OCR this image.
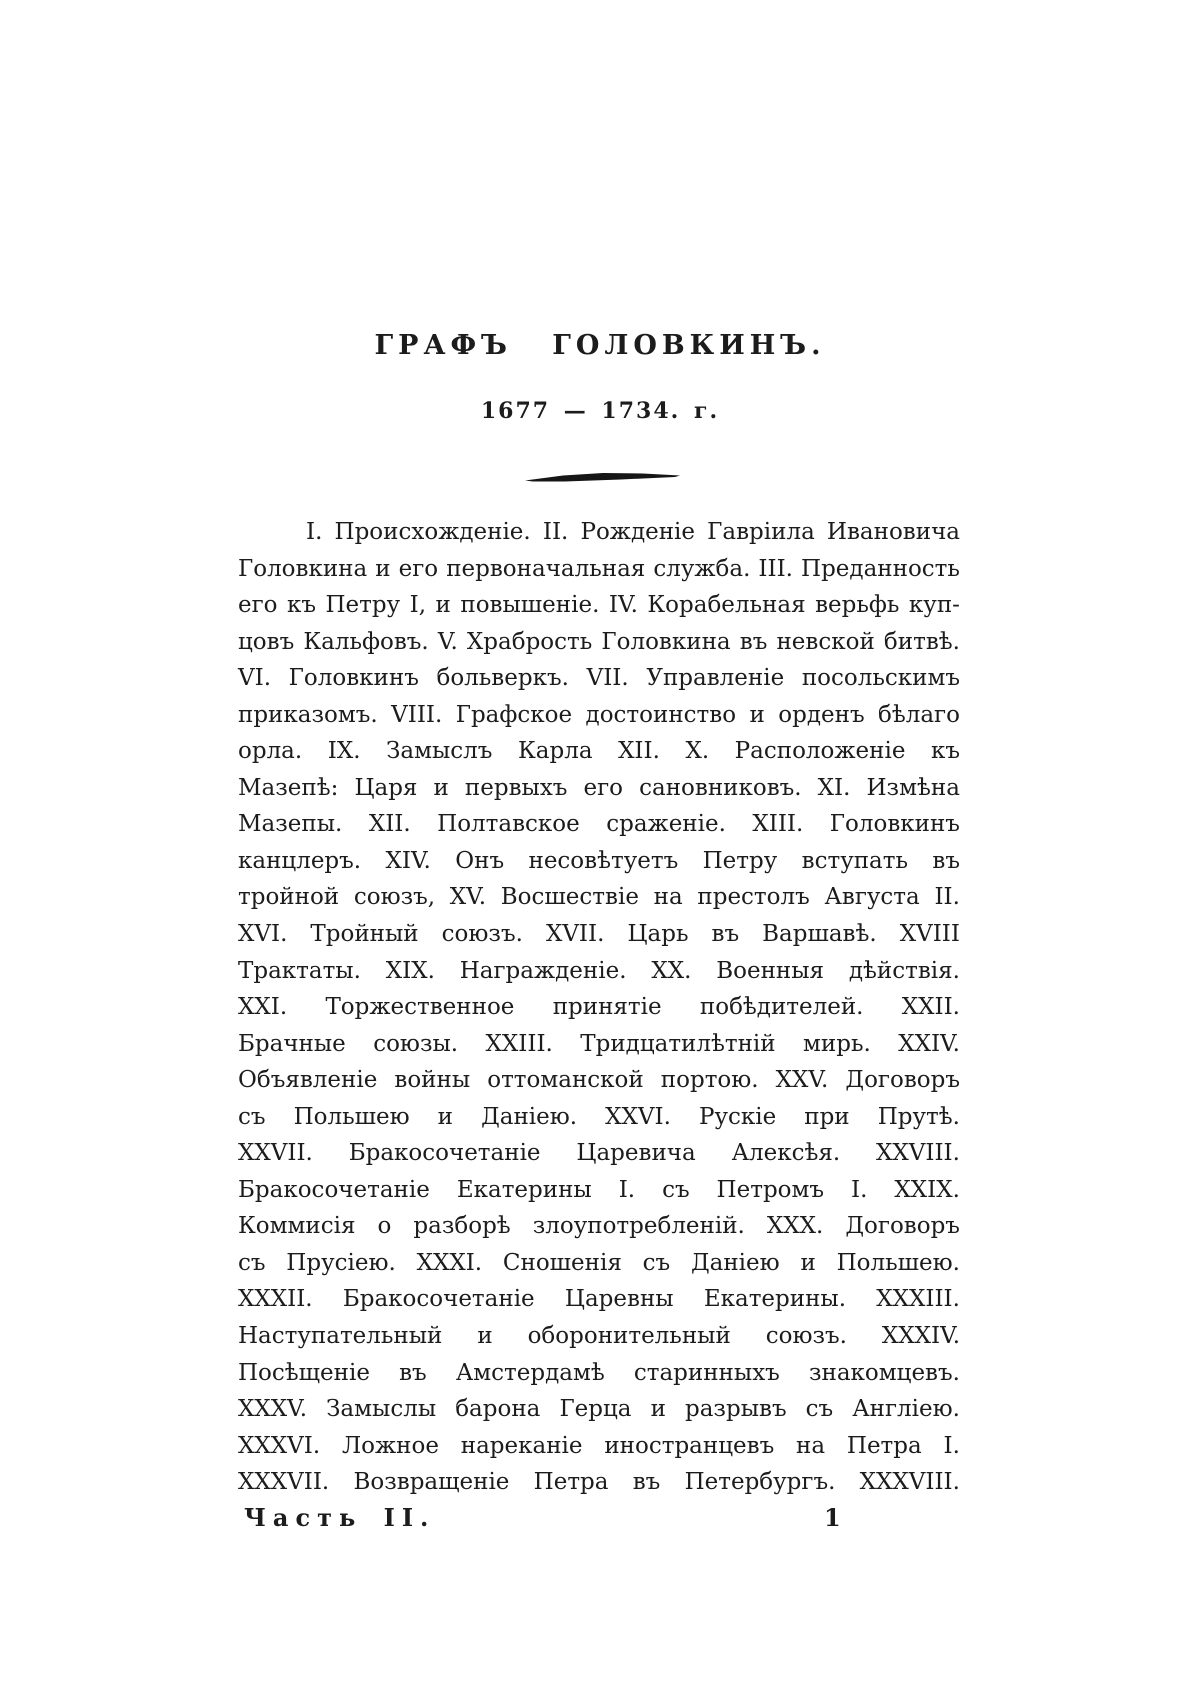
ГРАФЪ ГОЛОВКИНЪ.
1677 — 1734. г.
I. Происхожденіе. II. Рожденіе Гавріила Ивановича
Головкина и его первоначальная служба. III. Преданность
его къ Петру I, и повышеніе. IV. Корабельная верьфь куп-
цовъ Кальфовъ. V. Храбрость Головкина въ невской битвѣ.
VI. Головкинъ больверкъ. VII. Управленіе посольскимъ
приказомъ. VIII. Графское достоинство и орденъ бѣлаго
орла. IX. Замыслъ Карла XII. X. Расположеніе къ
Мазепѣ: Царя и первыхъ его сановниковъ. XI. Измѣна
Мазепы. XII. Полтавское сраженіе. XIII. Головкинъ
канцлеръ. XIV. Онъ несовѣтуетъ Петру вступать въ
тройной союзъ, XV. Восшествіе на престолъ Августа II.
XVI. Тройный союзъ. XVII. Царь въ Варшавѣ. XVIII
Трактаты. XIX. Награжденіе. XX. Военныя дѣйствія.
XXI. Торжественное принятіе побѣдителей. XXII.
Брачные союзы. XXIII. Тридцатилѣтній мирь. XXIV.
Объявленіе войны оттоманской портою. XXV. Договоръ
съ Польшею и Даніею. XXVI. Рускіе при Прутѣ.
XXVII. Бракосочетаніе Царевича Алексѣя. XXVIII.
Бракосочетаніе Екатерины I. съ Петромъ I. XXIX.
Коммисія о разборѣ злоупотребленій. XXX. Договоръ
съ Прусіею. XXXI. Сношенія съ Даніею и Польшею.
XXXII. Бракосочетаніе Царевны Екатерины. XXXIII.
Наступательный и оборонительный союзъ. XXXIV.
Посѣщеніе въ Амстердамѣ старинныхъ знакомцевъ.
XXXV. Замыслы барона Герца и разрывъ съ Англіею.
XXXVI. Ложное нареканіе иностранцевъ на Петра I.
XXXVII. Возвращеніе Петра въ Петербургъ. XXXVIII.
Часть II.	1
